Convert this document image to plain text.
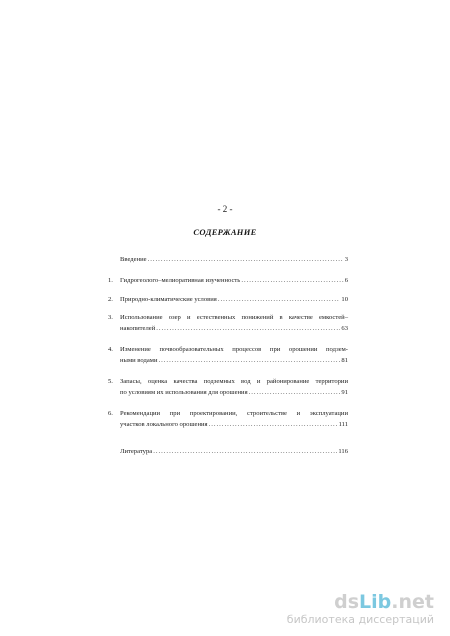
- 2 -
СОДЕРЖАНИЕ
Введение .....	3
1.	Гидрогеолого–мелиоративная изученность .....	6
2.	Природно-климатические условия .....	10
3.	Использование озер и естественных понижений в качестве емкостей–
накопителей .....	63
4.	Изменение почвообразовательных процессов при орошении подзем-
ными водами .....	81
5.	Запасы, оценка качества подземных вод и районирование территории
по условиям их использования для орошения .....	91
6.	Рекомендации при проектировании, строительстве и эксплуатации
участков локального орошения .....	111
Литература .....	116
dsLib.net
библиотека диссертаций
